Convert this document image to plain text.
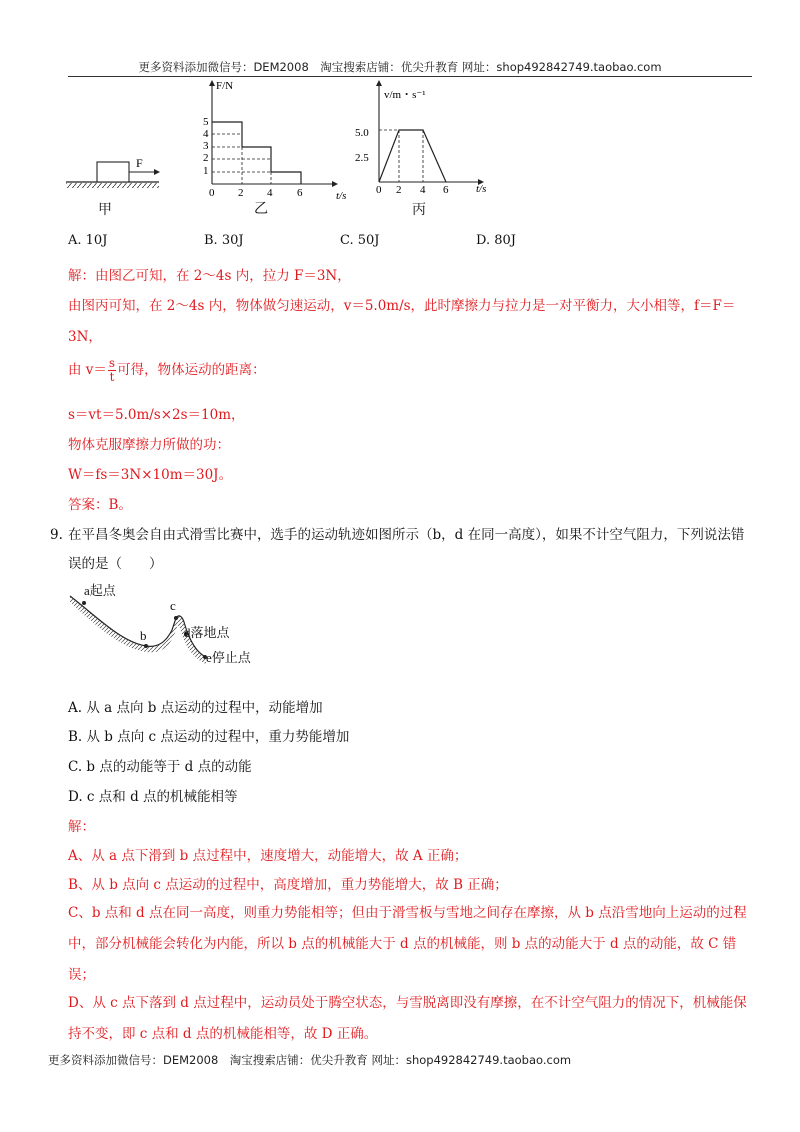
更多资料添加微信号：DEM2008　淘宝搜索店铺：优尖升教育 网址：shop492842749.taobao.com
F
甲
F/N
5
4
3
2
1
0 2 4 6	t/s
乙
v/m・s⁻¹
5.0
2.5
0 2 4 6	t/s
丙
A. 10J	B. 30J	C. 50J	D. 80J
解：由图乙可知，在 2～4s 内，拉力 F＝3N，
由图丙可知，在 2～4s 内，物体做匀速运动，v＝5.0m/s，此时摩擦力与拉力是一对平衡力，大小相等，f＝F＝
3N，
由 $v= \frac{s}{t}$ 可得，物体运动的距离：
s＝vt＝5.0m/s×2s＝10m，
物体克服摩擦力所做的功：
W＝fs＝3N×10m＝30J。
答案：B。
9. 在平昌冬奥会自由式滑雪比赛中，选手的运动轨迹如图所示（b，d 在同一高度），如果不计空气阻力，下列说法错误的是（　　）
a起点
b
c
d落地点
e停止点
A. 从 a 点向 b 点运动的过程中，动能增加
B. 从 b 点向 c 点运动的过程中，重力势能增加
C. b 点的动能等于 d 点的动能
D. c 点和 d 点的机械能相等
解：
A、从 a 点下滑到 b 点过程中，速度增大，动能增大，故 A 正确；
B、从 b 点向 c 点运动的过程中，高度增加，重力势能增大，故 B 正确；
C、b 点和 d 点在同一高度，则重力势能相等；但由于滑雪板与雪地之间存在摩擦，从 b 点沿雪地向上运动的过程中，部分机械能会转化为内能，所以 b 点的机械能大于 d 点的机械能，则 b 点的动能大于 d 点的动能，故 C 错误；
D、从 c 点下落到 d 点过程中，运动员处于腾空状态，与雪脱离即没有摩擦，在不计空气阻力的情况下，机械能保持不变，即 c 点和 d 点的机械能相等，故 D 正确。
更多资料添加微信号：DEM2008　淘宝搜索店铺：优尖升教育 网址：shop492842749.taobao.com
